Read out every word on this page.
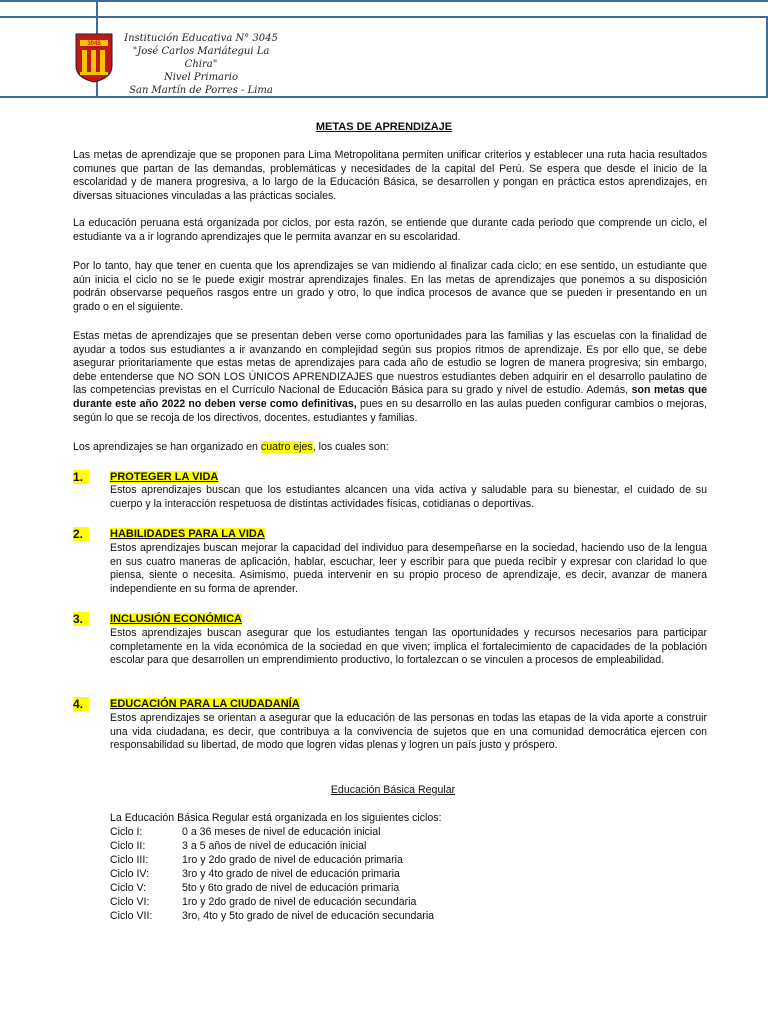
3045	Institución Educativa N° 3045
"José Carlos Mariátegui La Chira"
Nivel Primario
San Martín de Porres - Lima
METAS DE APRENDIZAJE
Las metas de aprendizaje que se proponen para Lima Metropolitana permiten unificar criterios y establecer una ruta hacia resultados comunes que partan de las demandas, problemáticas y necesidades de la capital del Perú. Se espera que desde el inicio de la escolaridad y de manera progresiva, a lo largo de la Educación Básica, se desarrollen y pongan en práctica estos aprendizajes, en diversas situaciones vinculadas a las prácticas sociales.
La educación peruana está organizada por ciclos, por esta razón, se entiende que durante cada periodo que comprende un ciclo, el estudiante va a ir logrando aprendizajes que le permita avanzar en su escolaridad.
Por lo tanto, hay que tener en cuenta que los aprendizajes se van midiendo al finalizar cada ciclo; en ese sentido, un estudiante que aún inicia el ciclo no se le puede exigir mostrar aprendizajes finales. En las metas de aprendizajes que ponemos a su disposición podrán observarse pequeños rasgos entre un grado y otro, lo que indica procesos de avance que se pueden ir presentando en un grado o en el siguiente.
Estas metas de aprendizajes que se presentan deben verse como oportunidades para las familias y las escuelas con la finalidad de ayudar a todos sus estudiantes a ir avanzando en complejidad según sus propios ritmos de aprendizaje. Es por ello que, se debe asegurar prioritariamente que estas metas de aprendizajes para cada año de estudio se logren de manera progresiva; sin embargo, debe entenderse que NO SON LOS ÚNICOS APRENDIZAJES que nuestros estudiantes deben adquirir en el desarrollo paulatino de las competencias previstas en el Currículo Nacional de Educación Básica para su grado y nivel de estudio. Además, son metas que durante este año 2022 no deben verse como definitivas, pues en su desarrollo en las aulas pueden configurar cambios o mejoras, según lo que se recoja de los directivos, docentes, estudiantes y familias.
Los aprendizajes se han organizado en cuatro ejes, los cuales son:
1.	PROTEGER LA VIDA
Estos aprendizajes buscan que los estudiantes alcancen una vida activa y saludable para su bienestar, el cuidado de su cuerpo y la interacción respetuosa de distintas actividades físicas, cotidianas o deportivas.
2.	HABILIDADES PARA LA VIDA
Estos aprendizajes buscan mejorar la capacidad del individuo para desempeñarse en la sociedad, haciendo uso de la lengua en sus cuatro maneras de aplicación, hablar, escuchar, leer y escribir para que pueda recibir y expresar con claridad lo que piensa, siente o necesita. Asimismo, pueda intervenir en su propio proceso de aprendizaje, es decir, avanzar de manera independiente en su forma de aprender.
3.	INCLUSIÓN ECONÓMICA
Estos aprendizajes buscan asegurar que los estudiantes tengan las oportunidades y recursos necesarios para participar completamente en la vida económica de la sociedad en que viven; implica el fortalecimiento de capacidades de la población escolar para que desarrollen un emprendimiento productivo, lo fortalezcan o se vinculen a procesos de empleabilidad.
4.	EDUCACIÓN PARA LA CIUDADANÍA
Estos aprendizajes se orientan a asegurar que la educación de las personas en todas las etapas de la vida aporte a construir una vida ciudadana, es decir, que contribuya a la convivencia de sujetos que en una comunidad democrática ejercen con responsabilidad su libertad, de modo que logren vidas plenas y logren un país justo y próspero.
Educación Básica Regular
La Educación Básica Regular está organizada en los siguientes ciclos:
Ciclo I:	0 a 36 meses de nivel de educación inicial
Ciclo II:	3 a 5 años de nivel de educación inicial
Ciclo III:	1ro y 2do grado de nivel de educación primaria
Ciclo IV:	3ro y 4to grado de nivel de educación primaria
Ciclo V:	5to y 6to grado de nivel de educación primaria
Ciclo VI:	1ro y 2do grado de nivel de educación secundaria
Ciclo VII:	3ro, 4to y 5to grado de nivel de educación secundaria
